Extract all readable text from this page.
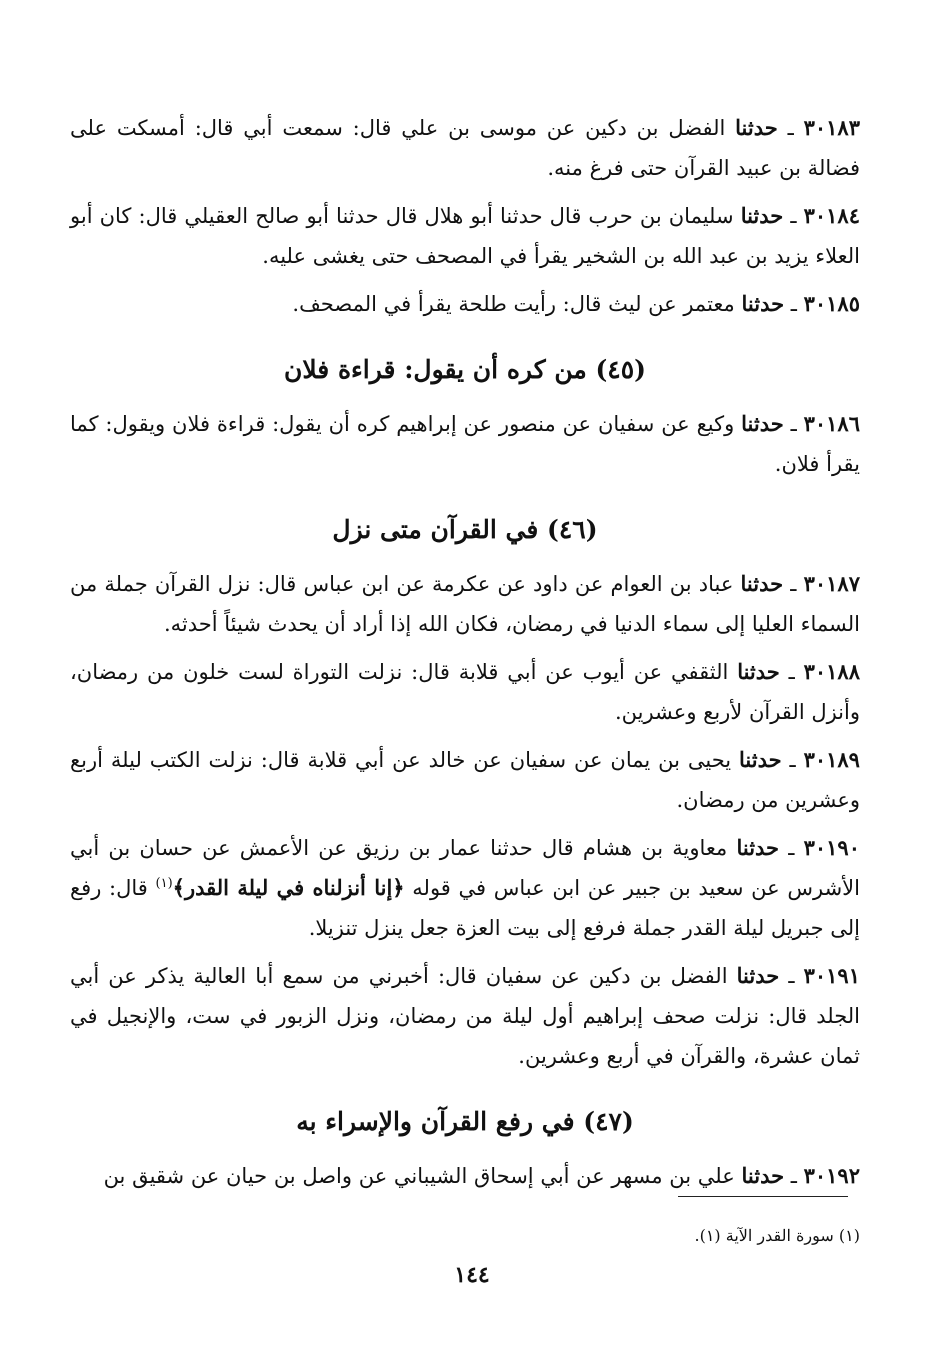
٣٠١٨٣ ـ حدثنا الفضل بن دكين عن موسى بن علي قال: سمعت أبي قال: أمسكت على فضالة بن عبيد القرآن حتى فرغ منه.

٣٠١٨٤ ـ حدثنا سليمان بن حرب قال حدثنا أبو هلال قال حدثنا أبو صالح العقيلي قال: كان أبو العلاء يزيد بن عبد الله بن الشخير يقرأ في المصحف حتى يغشى عليه.

٣٠١٨٥ ـ حدثنا معتمر عن ليث قال: رأيت طلحة يقرأ في المصحف.

(٤٥) من كره أن يقول: قراءة فلان

٣٠١٨٦ ـ حدثنا وكيع عن سفيان عن منصور عن إبراهيم كره أن يقول: قراءة فلان ويقول: كما يقرأ فلان.

(٤٦) في القرآن متى نزل

٣٠١٨٧ ـ حدثنا عباد بن العوام عن داود عن عكرمة عن ابن عباس قال: نزل القرآن جملة من السماء العليا إلى سماء الدنيا في رمضان، فكان الله إذا أراد أن يحدث شيئاً أحدثه.

٣٠١٨٨ ـ حدثنا الثقفي عن أيوب عن أبي قلابة قال: نزلت التوراة لست خلون من رمضان، وأنزل القرآن لأربع وعشرين.

٣٠١٨٩ ـ حدثنا يحيى بن يمان عن سفيان عن خالد عن أبي قلابة قال: نزلت الكتب ليلة أربع وعشرين من رمضان.

٣٠١٩٠ ـ حدثنا معاوية بن هشام قال حدثنا عمار بن رزيق عن الأعمش عن حسان بن أبي الأشرس عن سعيد بن جبير عن ابن عباس في قوله ﴿إنا أنزلناه في ليلة القدر﴾$^{(١)}$ قال: رفع إلى جبريل ليلة القدر جملة فرفع إلى بيت العزة جعل ينزل تنزيلا.

٣٠١٩١ ـ حدثنا الفضل بن دكين عن سفيان قال: أخبرني من سمع أبا العالية يذكر عن أبي الجلد قال: نزلت صحف إبراهيم أول ليلة من رمضان، ونزل الزبور في ست، والإنجيل في ثمان عشرة، والقرآن في أربع وعشرين.

(٤٧) في رفع القرآن والإسراء به

٣٠١٩٢ ـ حدثنا علي بن مسهر عن أبي إسحاق الشيباني عن واصل بن حيان عن شقيق بن

(١) سورة القدر الآية (١).
١٤٤
